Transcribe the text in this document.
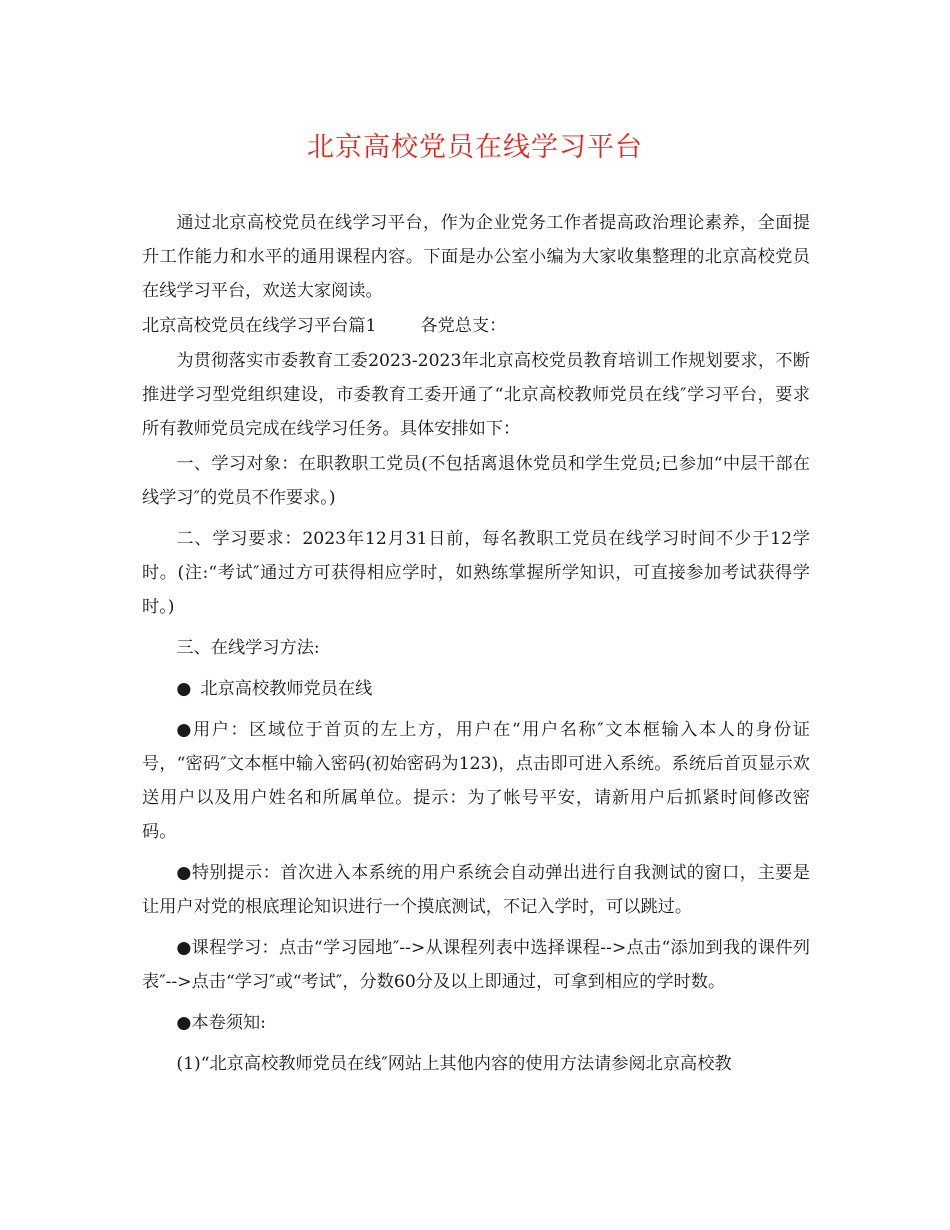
北京高校党员在线学习平台

通过北京高校党员在线学习平台，作为企业党务工作者提高政治理论素养，全面提升工作能力和水平的通用课程内容。下面是办公室小编为大家收集整理的北京高校党员在线学习平台，欢送大家阅读。

北京高校党员在线学习平台篇1	各党总支：

为贯彻落实市委教育工委2023-2023年北京高校党员教育培训工作规划要求，不断推进学习型党组织建设，市委教育工委开通了“北京高校教师党员在线″学习平台，要求所有教师党员完成在线学习任务。具体安排如下：

一、学习对象：在职教职工党员(不包括离退休党员和学生党员;已参加“中层干部在线学习″的党员不作要求。)

二、学习要求：2023年12月31日前，每名教职工党员在线学习时间不少于12学时。(注:“考试″通过方可获得相应学时，如熟练掌握所学知识，可直接参加考试获得学时。)

三、在线学习方法:

● 北京高校教师党员在线

●用户：区域位于首页的左上方，用户在“用户名称″文本框输入本人的身份证号，“密码″文本框中输入密码(初始密码为123)，点击即可进入系统。系统后首页显示欢送用户以及用户姓名和所属单位。提示：为了帐号平安，请新用户后抓紧时间修改密码。

●特别提示：首次进入本系统的用户系统会自动弹出进行自我测试的窗口，主要是让用户对党的根底理论知识进行一个摸底测试，不记入学时，可以跳过。

●课程学习：点击“学习园地″-->从课程列表中选择课程-->点击“添加到我的课件列表″-->点击“学习″或“考试″，分数60分及以上即通过，可拿到相应的学时数。

●本卷须知:

(1)“北京高校教师党员在线″网站上其他内容的使用方法请参阅北京高校教
